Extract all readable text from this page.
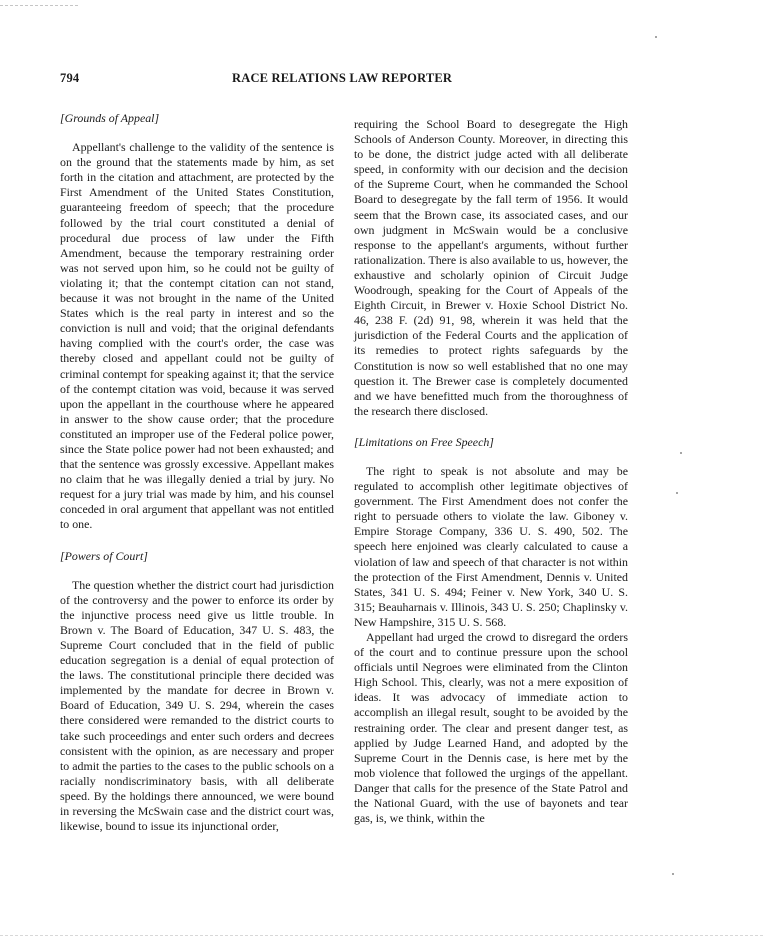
794	RACE RELATIONS LAW REPORTER
[Grounds of Appeal]

Appellant's challenge to the validity of the sentence is on the ground that the statements made by him, as set forth in the citation and attachment, are protected by the First Amendment of the United States Constitution, guaranteeing freedom of speech; that the procedure followed by the trial court constituted a denial of procedural due process of law under the Fifth Amendment, because the temporary restraining order was not served upon him, so he could not be guilty of violating it; that the contempt citation can not stand, because it was not brought in the name of the United States which is the real party in interest and so the conviction is null and void; that the original defendants having complied with the court's order, the case was thereby closed and appellant could not be guilty of criminal contempt for speaking against it; that the service of the contempt citation was void, because it was served upon the appellant in the courthouse where he appeared in answer to the show cause order; that the procedure constituted an improper use of the Federal police power, since the State police power had not been exhausted; and that the sentence was grossly excessive. Appellant makes no claim that he was illegally denied a trial by jury. No request for a jury trial was made by him, and his counsel conceded in oral argument that appellant was not entitled to one.

[Powers of Court]

The question whether the district court had jurisdiction of the controversy and the power to enforce its order by the injunctive process need give us little trouble. In Brown v. The Board of Education, 347 U. S. 483, the Supreme Court concluded that in the field of public education segregation is a denial of equal protection of the laws. The constitutional principle there decided was implemented by the mandate for decree in Brown v. Board of Education, 349 U. S. 294, wherein the cases there considered were remanded to the district courts to take such proceedings and enter such orders and decrees consistent with the opinion, as are necessary and proper to admit the parties to the cases to the public schools on a racially nondiscriminatory basis, with all deliberate speed. By the holdings there announced, we were bound in reversing the McSwain case and the district court was, likewise, bound to issue its injunctional order,

requiring the School Board to desegregate the High Schools of Anderson County. Moreover, in directing this to be done, the district judge acted with all deliberate speed, in conformity with our decision and the decision of the Supreme Court, when he commanded the School Board to desegregate by the fall term of 1956. It would seem that the Brown case, its associated cases, and our own judgment in McSwain would be a conclusive response to the appellant's arguments, without further rationalization. There is also available to us, however, the exhaustive and scholarly opinion of Circuit Judge Woodrough, speaking for the Court of Appeals of the Eighth Circuit, in Brewer v. Hoxie School District No. 46, 238 F. (2d) 91, 98, wherein it was held that the jurisdiction of the Federal Courts and the application of its remedies to protect rights safeguards by the Constitution is now so well established that no one may question it. The Brewer case is completely documented and we have benefitted much from the thoroughness of the research there disclosed.

[Limitations on Free Speech]

The right to speak is not absolute and may be regulated to accomplish other legitimate objectives of government. The First Amendment does not confer the right to persuade others to violate the law. Giboney v. Empire Storage Company, 336 U. S. 490, 502. The speech here enjoined was clearly calculated to cause a violation of law and speech of that character is not within the protection of the First Amendment, Dennis v. United States, 341 U. S. 494; Feiner v. New York, 340 U. S. 315; Beauharnais v. Illinois, 343 U. S. 250; Chaplinsky v. New Hampshire, 315 U. S. 568.

Appellant had urged the crowd to disregard the orders of the court and to continue pressure upon the school officials until Negroes were eliminated from the Clinton High School. This, clearly, was not a mere exposition of ideas. It was advocacy of immediate action to accomplish an illegal result, sought to be avoided by the restraining order. The clear and present danger test, as applied by Judge Learned Hand, and adopted by the Supreme Court in the Dennis case, is here met by the mob violence that followed the urgings of the appellant. Danger that calls for the presence of the State Patrol and the National Guard, with the use of bayonets and tear gas, is, we think, within the
